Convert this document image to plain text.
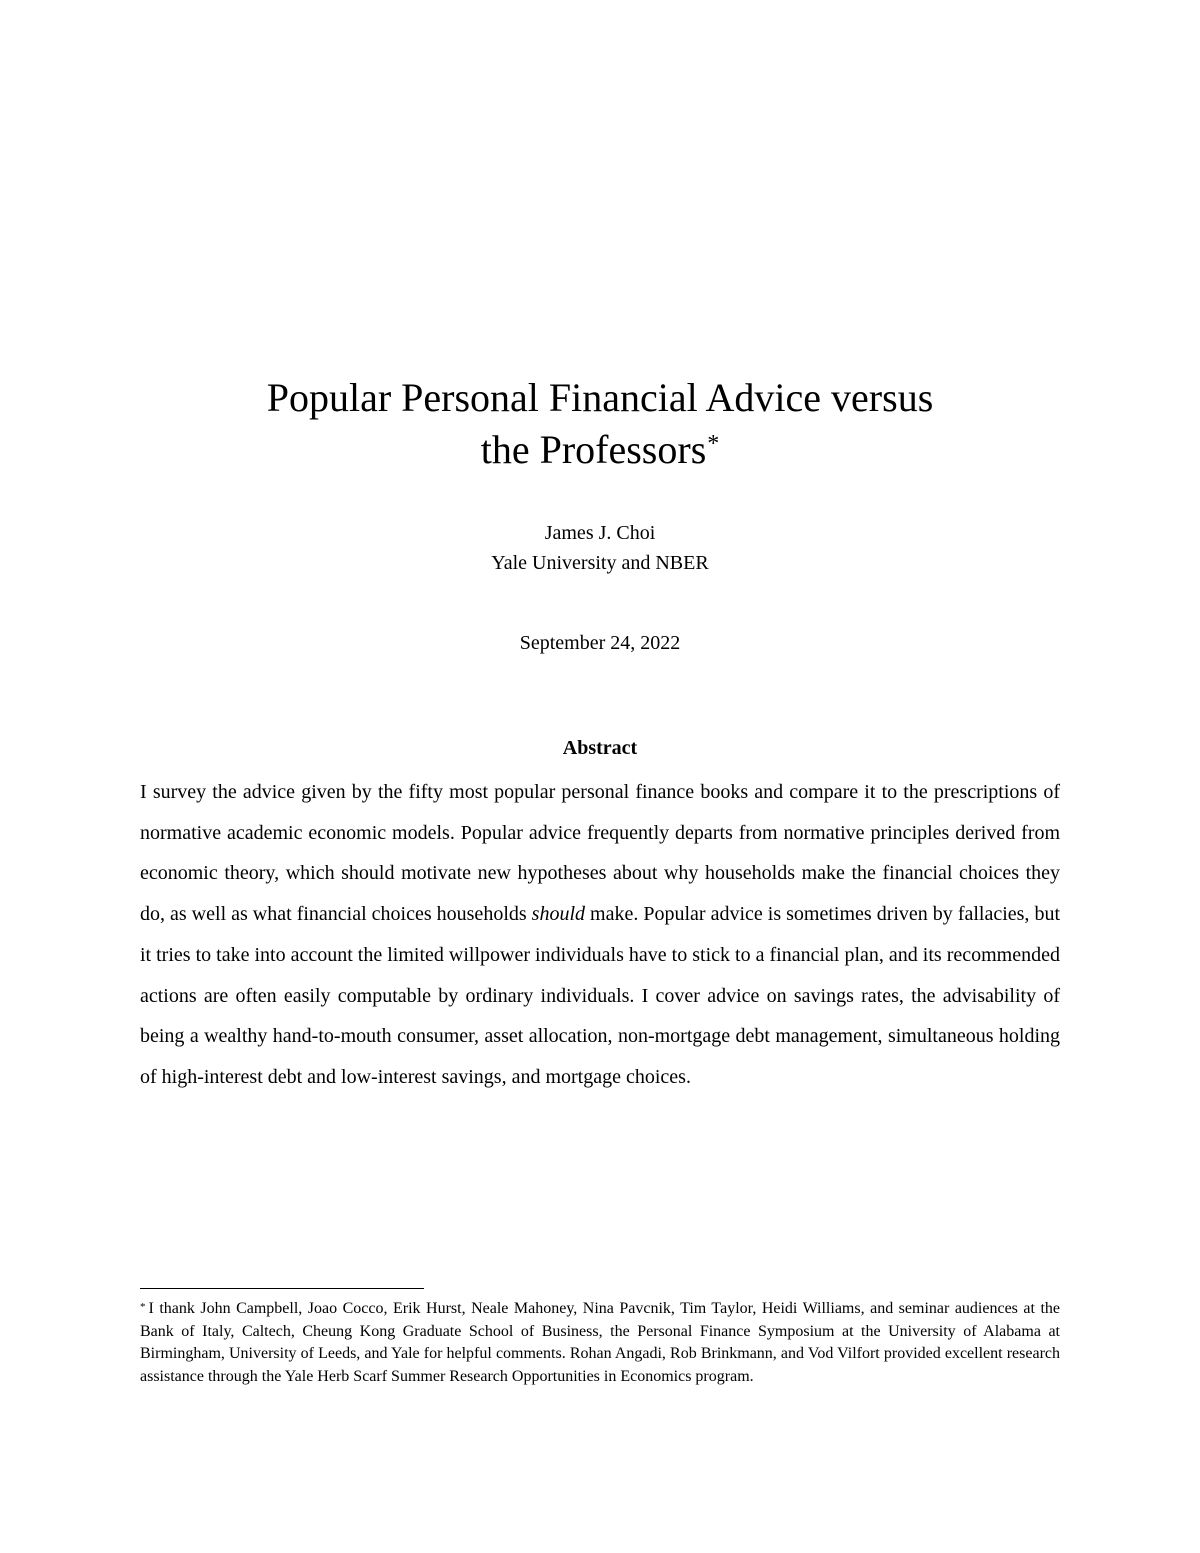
Popular Personal Financial Advice versus
the Professors*
James J. Choi
Yale University and NBER
September 24, 2022
Abstract

I survey the advice given by the fifty most popular personal finance books and compare it to the prescriptions of normative academic economic models. Popular advice frequently departs from normative principles derived from economic theory, which should motivate new hypotheses about why households make the financial choices they do, as well as what financial choices households should make. Popular advice is sometimes driven by fallacies, but it tries to take into account the limited willpower individuals have to stick to a financial plan, and its recommended actions are often easily computable by ordinary individuals. I cover advice on savings rates, the advisability of being a wealthy hand-to-mouth consumer, asset allocation, non-mortgage debt management, simultaneous holding of high-interest debt and low-interest savings, and mortgage choices.

* I thank John Campbell, Joao Cocco, Erik Hurst, Neale Mahoney, Nina Pavcnik, Tim Taylor, Heidi Williams, and seminar audiences at the Bank of Italy, Caltech, Cheung Kong Graduate School of Business, the Personal Finance Symposium at the University of Alabama at Birmingham, University of Leeds, and Yale for helpful comments. Rohan Angadi, Rob Brinkmann, and Vod Vilfort provided excellent research assistance through the Yale Herb Scarf Summer Research Opportunities in Economics program.
